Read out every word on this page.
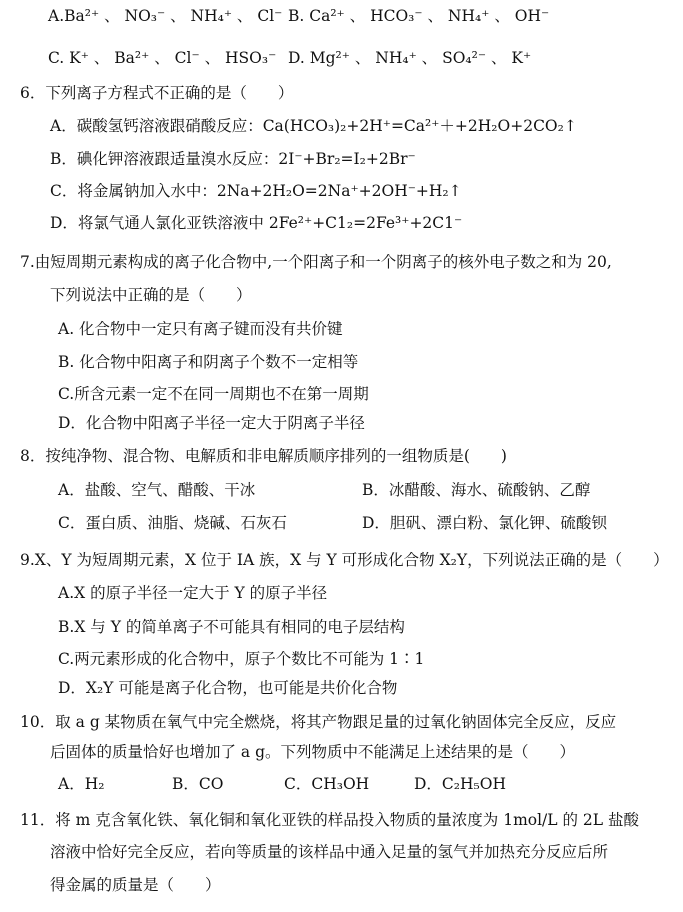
A.Ba²⁺ 、 NO₃⁻ 、 NH₄⁺ 、 Cl⁻ B. Ca²⁺ 、 HCO₃⁻ 、 NH₄⁺ 、 OH⁻
C. K⁺ 、 Ba²⁺ 、 Cl⁻ 、 HSO₃⁻ D. Mg²⁺ 、 NH₄⁺ 、 SO₄²⁻ 、 K⁺
6．下列离子方程式不正确的是（　　）
A．碳酸氢钙溶液跟硝酸反应：Ca(HCO₃)₂+2H⁺=Ca²⁺＋+2H₂O+2CO₂↑
B．碘化钾溶液跟适量溴水反应：2I⁻+Br₂=I₂+2Br⁻
C．将金属钠加入水中：2Na+2H₂O=2Na⁺+2OH⁻+H₂↑
D．将氯气通人氯化亚铁溶液中 2Fe²⁺+C1₂=2Fe³⁺+2C1⁻
7.由短周期元素构成的离子化合物中,一个阳离子和一个阴离子的核外电子数之和为 20,
下列说法中正确的是（　　）
A. 化合物中一定只有离子键而没有共价键
B. 化合物中阳离子和阴离子个数不一定相等
C.所含元素一定不在同一周期也不在第一周期
D．化合物中阳离子半径一定大于阴离子半径
8．按纯净物、混合物、电解质和非电解质顺序排列的一组物质是(　　)
A．盐酸、空气、醋酸、干冰	B．冰醋酸、海水、硫酸钠、乙醇
C．蛋白质、油脂、烧碱、石灰石	D．胆矾、漂白粉、氯化钾、硫酸钡
9.X、Y 为短周期元素，X 位于 IA 族，X 与 Y 可形成化合物 X₂Y，下列说法正确的是（　　）
A.X 的原子半径一定大于 Y 的原子半径
B.X 与 Y 的简单离子不可能具有相同的电子层结构
C.两元素形成的化合物中，原子个数比不可能为 1∶1
D．X₂Y 可能是离子化合物，也可能是共价化合物
10．取 a g 某物质在氧气中完全燃烧，将其产物跟足量的过氧化钠固体完全反应，反应
后固体的质量恰好也增加了 a g。下列物质中不能满足上述结果的是（　　）
A．H₂	B．CO	C．CH₃OH	D．C₂H₅OH
11．将 m 克含氧化铁、氧化铜和氧化亚铁的样品投入物质的量浓度为 1mol/L 的 2L 盐酸
溶液中恰好完全反应，若向等质量的该样品中通入足量的氢气并加热充分反应后所
得金属的质量是（　　）
